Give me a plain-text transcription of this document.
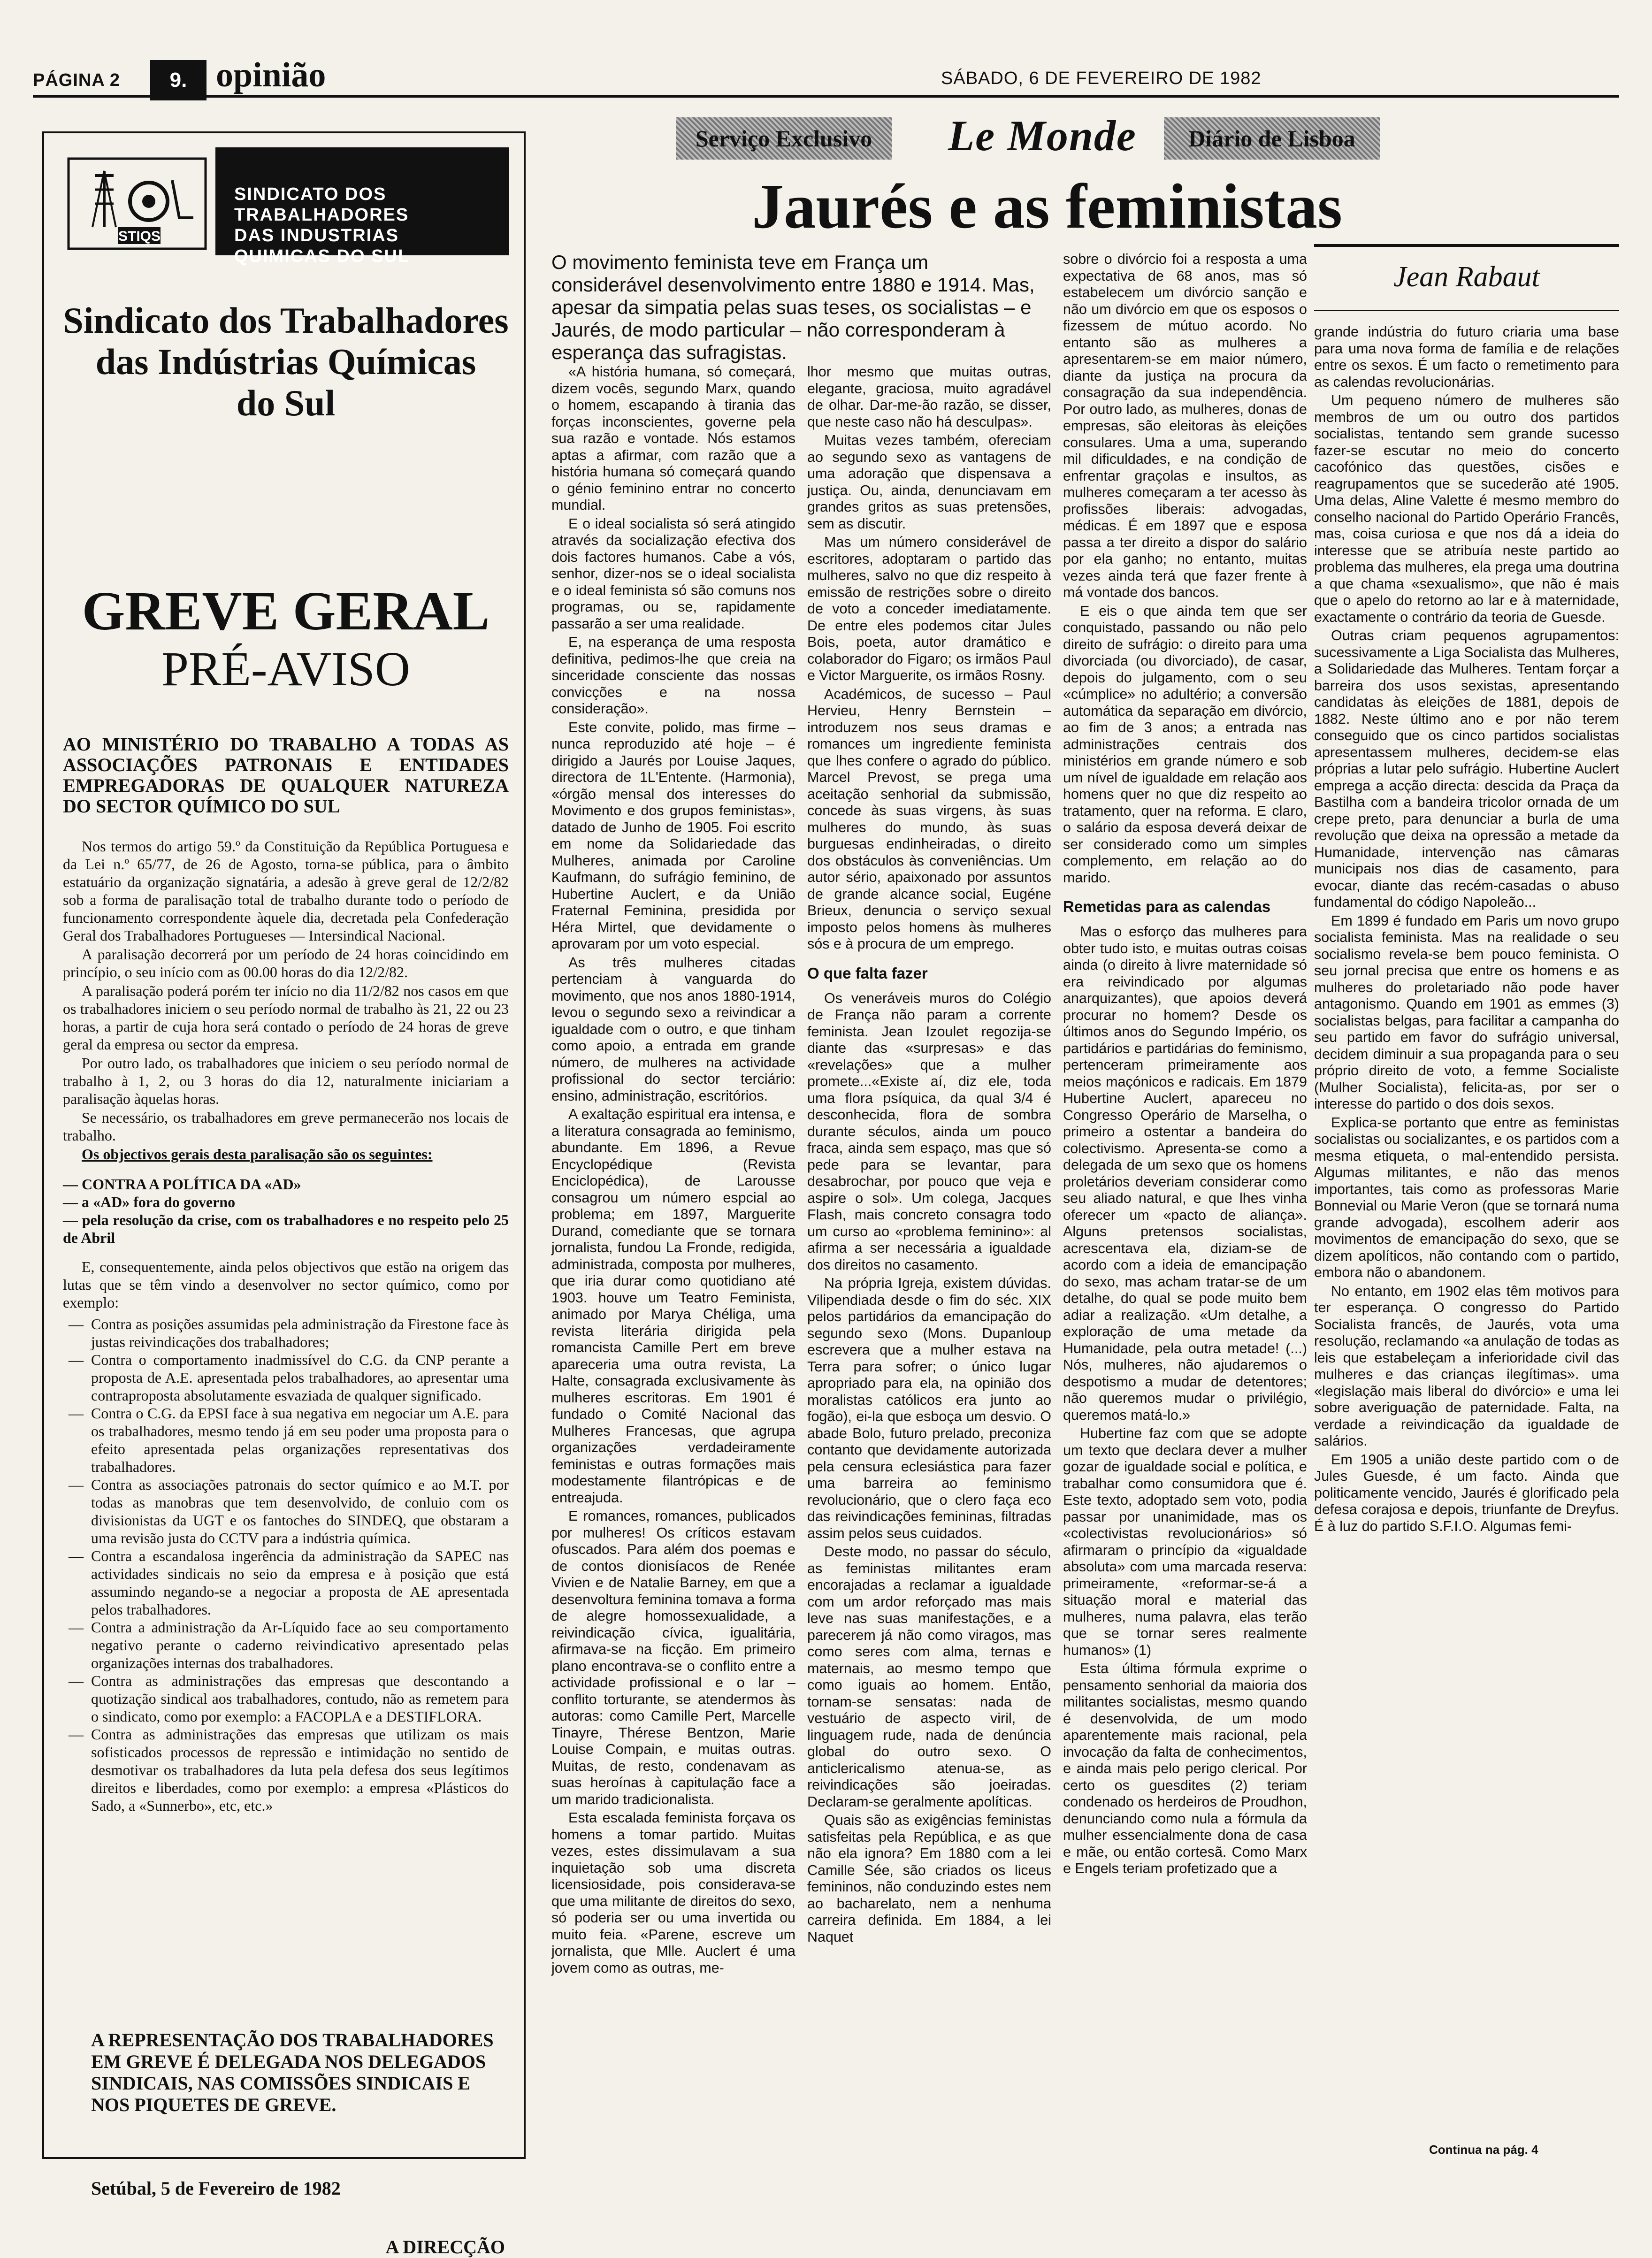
PÁGINA 2	9. opinião	SÁBADO, 6 DE FEVEREIRO DE 1982
STIQS
SINDICATO DOS TRABALHADORES
DAS INDUSTRIAS
QUIMICAS DO SUL
Sindicato dos Trabalhadores
das Indústrias Químicas
do Sul
GREVE GERAL
PRÉ-AVISO
AO MINISTÉRIO DO TRABALHO A TODAS AS ASSOCIAÇÕES PATRONAIS E ENTIDADES EMPREGADORAS DE QUALQUER NATUREZA DO SECTOR QUÍMICO DO SUL

Nos termos do artigo 59.º da Constituição da República Portuguesa e da Lei n.º 65/77, de 26 de Agosto, torna-se pública, para o âmbito estatuário da organização signatária, a adesão à greve geral de 12/2/82 sob a forma de paralisação total de trabalho durante todo o período de funcionamento correspondente àquele dia, decretada pela Confederação Geral dos Trabalhadores Portugueses — Intersindical Nacional.

A paralisação decorrerá por um período de 24 horas coincidindo em princípio, o seu início com as 00.00 horas do dia 12/2/82.

A paralisação poderá porém ter início no dia 11/2/82 nos casos em que os trabalhadores iniciem o seu período normal de trabalho às 21, 22 ou 23 horas, a partir de cuja hora será contado o período de 24 horas de greve geral da empresa ou sector da empresa.

Por outro lado, os trabalhadores que iniciem o seu período normal de trabalho à 1, 2, ou 3 horas do dia 12, naturalmente iniciariam a paralisação àquelas horas.

Se necessário, os trabalhadores em greve permanecerão nos locais de trabalho.

Os objectivos gerais desta paralisação são os seguintes:

— CONTRA A POLÍTICA DA «AD»
— a «AD» fora do governo
— pela resolução da crise, com os trabalhadores e no respeito pelo 25 de Abril

E, consequentemente, ainda pelos objectivos que estão na origem das lutas que se têm vindo a desenvolver no sector químico, como por exemplo:

— Contra as posições assumidas pela administração da Firestone face às justas reivindicações dos trabalhadores;
— Contra o comportamento inadmissível do C.G. da CNP perante a proposta de A.E. apresentada pelos trabalhadores, ao apresentar uma contraproposta absolutamente esvaziada de qualquer significado.
— Contra o C.G. da EPSI face à sua negativa em negociar um A.E. para os trabalhadores, mesmo tendo já em seu poder uma proposta para o efeito apresentada pelas organizações representativas dos trabalhadores.
— Contra as associações patronais do sector químico e ao M.T. por todas as manobras que tem desenvolvido, de conluio com os divisionistas da UGT e os fantoches do SINDEQ, que obstaram a uma revisão justa do CCTV para a indústria química.
— Contra a escandalosa ingerência da administração da SAPEC nas actividades sindicais no seio da empresa e à posição que está assumindo negando-se a negociar a proposta de AE apresentada pelos trabalhadores.
— Contra a administração da Ar-Líquido face ao seu comportamento negativo perante o caderno reivindicativo apresentado pelas organizações internas dos trabalhadores.
— Contra as administrações das empresas que descontando a quotização sindical aos trabalhadores, contudo, não as remetem para o sindicato, como por exemplo: a FACOPLA e a DESTIFLORA.
— Contra as administrações das empresas que utilizam os mais sofisticados processos de repressão e intimidação no sentido de desmotivar os trabalhadores da luta pela defesa dos seus legítimos direitos e liberdades, como por exemplo: a empresa «Plásticos do Sado, a «Sunnerbo», etc, etc.»
A REPRESENTAÇÃO DOS TRABALHADORES EM GREVE É DELEGADA NOS DELEGADOS SINDICAIS, NAS COMISSÕES SINDICAIS E NOS PIQUETES DE GREVE.
Setúbal, 5 de Fevereiro de 1982
A DIRECÇÃO
Serviço Exclusivo	Le Monde	Diário de Lisboa
Jaurés e as feministas
Jean Rabaut
O movimento feminista teve em França um considerável desenvolvimento entre 1880 e 1914. Mas, apesar da simpatia pelas suas teses, os socialistas – e Jaurés, de modo particular – não corresponderam à esperança das sufragistas.

«A história humana, só começará, dizem vocês, segundo Marx, quando o homem, escapando à tirania das forças inconscientes, governe pela sua razão e vontade. Nós estamos aptas a afirmar, com razão que a história humana só começará quando o génio feminino entrar no concerto mundial.

E o ideal socialista só será atingido através da socialização efectiva dos dois factores humanos. Cabe a vós, senhor, dizer-nos se o ideal socialista e o ideal feminista só são comuns nos programas, ou se, rapidamente passarão a ser uma realidade.

E, na esperança de uma resposta definitiva, pedimos-lhe que creia na sinceridade consciente das nossas convicções e na nossa consideração».

Este convite, polido, mas firme – nunca reproduzido até hoje – é dirigido a Jaurés por Louise Jaques, directora de 1L'Entente. (Harmonia), «órgão mensal dos interesses do Movimento e dos grupos feministas», datado de Junho de 1905. Foi escrito em nome da Solidariedade das Mulheres, animada por Caroline Kaufmann, do sufrágio feminino, de Hubertine Auclert, e da União Fraternal Feminina, presidida por Héra Mirtel, que devidamente o aprovaram por um voto especial.

As três mulheres citadas pertenciam à vanguarda do movimento, que nos anos 1880-1914, levou o segundo sexo a reivindicar a igualdade com o outro, e que tinham como apoio, a entrada em grande número, de mulheres na actividade profissional do sector terciário: ensino, administração, escritórios.

A exaltação espiritual era intensa, e a literatura consagrada ao feminismo, abundante. Em 1896, a Revue Encyclopédique (Revista Enciclopédica), de Larousse consagrou um número espcial ao problema; em 1897, Marguerite Durand, comediante que se tornara jornalista, fundou La Fronde, redigida, administrada, composta por mulheres, que iria durar como quotidiano até 1903. houve um Teatro Feminista, animado por Marya Chéliga, uma revista literária dirigida pela romancista Camille Pert em breve apareceria uma outra revista, La Halte, consagrada exclusivamente às mulheres escritoras. Em 1901 é fundado o Comité Nacional das Mulheres Francesas, que agrupa organizações verdadeiramente feministas e outras formações mais modestamente filantrópicas e de entreajuda.

E romances, romances, publicados por mulheres! Os críticos estavam ofuscados. Para além dos poemas e de contos dionisíacos de Renée Vivien e de Natalie Barney, em que a desenvoltura feminina tomava a forma de alegre homossexualidade, a reivindicação cívica, igualitária, afirmava-se na ficção. Em primeiro plano encontrava-se o conflito entre a actividade profissional e o lar – conflito torturante, se atendermos às autoras: como Camille Pert, Marcelle Tinayre, Thérese Bentzon, Marie Louise Compain, e muitas outras. Muitas, de resto, condenavam as suas heroínas à capitulação face a um marido tradicionalista.

Esta escalada feminista forçava os homens a tomar partido. Muitas vezes, estes dissimulavam a sua inquietação sob uma discreta licensiosidade, pois considerava-se que uma militante de direitos do sexo, só poderia ser ou uma invertida ou muito feia. «Parene, escreve um jornalista, que Mlle. Auclert é uma jovem como as outras, me-

lhor mesmo que muitas outras, elegante, graciosa, muito agradável de olhar. Dar-me-ão razão, se disser, que neste caso não há desculpas».

Muitas vezes também, ofereciam ao segundo sexo as vantagens de uma adoração que dispensava a justiça. Ou, ainda, denunciavam em grandes gritos as suas pretensões, sem as discutir.

Mas um número considerável de escritores, adoptaram o partido das mulheres, salvo no que diz respeito à emissão de restrições sobre o direito de voto a conceder imediatamente. De entre eles podemos citar Jules Bois, poeta, autor dramático e colaborador do Figaro; os irmãos Paul e Victor Marguerite, os irmãos Rosny.

Académicos, de sucesso – Paul Hervieu, Henry Bernstein – introduzem nos seus dramas e romances um ingrediente feminista que lhes confere o agrado do público. Marcel Prevost, se prega uma aceitação senhorial da submissão, concede às suas virgens, às suas mulheres do mundo, às suas burguesas endinheiradas, o direito dos obstáculos às conveniências. Um autor sério, apaixonado por assuntos de grande alcance social, Eugéne Brieux, denuncia o serviço sexual imposto pelos homens às mulheres sós e à procura de um emprego.

O que falta fazer

Os veneráveis muros do Colégio de França não param a corrente feminista. Jean Izoulet regozija-se diante das «surpresas» e das «revelações» que a mulher promete...«Existe aí, diz ele, toda uma flora psíquica, da qual 3/4 é desconhecida, flora de sombra durante séculos, ainda um pouco fraca, ainda sem espaço, mas que só pede para se levantar, para desabrochar, por pouco que veja e aspire o sol». Um colega, Jacques Flash, mais concreto consagra todo um curso ao «problema feminino»: al afirma a ser necessária a igualdade dos direitos no casamento.

Na própria Igreja, existem dúvidas. Vilipendiada desde o fim do séc. XIX pelos partidários da emancipação do segundo sexo (Mons. Dupanloup escrevera que a mulher estava na Terra para sofrer; o único lugar apropriado para ela, na opinião dos moralistas católicos era junto ao fogão), ei-la que esboça um desvio. O abade Bolo, futuro prelado, preconiza contanto que devidamente autorizada pela censura eclesiástica para fazer uma barreira ao feminismo revolucionário, que o clero faça eco das reivindicações femininas, filtradas assim pelos seus cuidados.

Deste modo, no passar do século, as feministas militantes eram encorajadas a reclamar a igualdade com um ardor reforçado mas mais leve nas suas manifestações, e a parecerem já não como viragos, mas como seres com alma, ternas e maternais, ao mesmo tempo que como iguais ao homem. Então, tornam-se sensatas: nada de vestuário de aspecto viril, de linguagem rude, nada de denúncia global do outro sexo. O anticlericalismo atenua-se, as reivindicações são joeiradas. Declaram-se geralmente apolíticas.

Quais são as exigências feministas satisfeitas pela República, e as que não ela ignora? Em 1880 com a lei Camille Sée, são criados os liceus femininos, não conduzindo estes nem ao bacharelato, nem a nenhuma carreira definida. Em 1884, a lei Naquet

sobre o divórcio foi a resposta a uma expectativa de 68 anos, mas só estabelecem um divórcio sanção e não um divórcio em que os esposos o fizessem de mútuo acordo. No entanto são as mulheres a apresentarem-se em maior número, diante da justiça na procura da consagração da sua independência. Por outro lado, as mulheres, donas de empresas, são eleitoras às eleições consulares. Uma a uma, superando mil dificuldades, e na condição de enfrentar graçolas e insultos, as mulheres começaram a ter acesso às profissões liberais: advogadas, médicas. É em 1897 que e esposa passa a ter direito a dispor do salário por ela ganho; no entanto, muitas vezes ainda terá que fazer frente à má vontade dos bancos.

E eis o que ainda tem que ser conquistado, passando ou não pelo direito de sufrágio: o direito para uma divorciada (ou divorciado), de casar, depois do julgamento, com o seu «cúmplice» no adultério; a conversão automática da separação em divórcio, ao fim de 3 anos; a entrada nas administrações centrais dos ministérios em grande número e sob um nível de igualdade em relação aos homens quer no que diz respeito ao tratamento, quer na reforma. E claro, o salário da esposa deverá deixar de ser considerado como um simples complemento, em relação ao do marido.

Remetidas para as calendas

Mas o esforço das mulheres para obter tudo isto, e muitas outras coisas ainda (o direito à livre maternidade só era reivindicado por algumas anarquizantes), que apoios deverá procurar no homem? Desde os últimos anos do Segundo Império, os partidários e partidárias do feminismo, pertenceram primeiramente aos meios maçónicos e radicais. Em 1879 Hubertine Auclert, apareceu no Congresso Operário de Marselha, o primeiro a ostentar a bandeira do colectivismo. Apresenta-se como a delegada de um sexo que os homens proletários deveriam considerar como seu aliado natural, e que lhes vinha oferecer um «pacto de aliança». Alguns pretensos socialistas, acrescentava ela, diziam-se de acordo com a ideia de emancipação do sexo, mas acham tratar-se de um detalhe, do qual se pode muito bem adiar a realização. «Um detalhe, a exploração de uma metade da Humanidade, pela outra metade! (...) Nós, mulheres, não ajudaremos o despotismo a mudar de detentores; não queremos mudar o privilégio, queremos matá-lo.»

Hubertine faz com que se adopte um texto que declara dever a mulher gozar de igualdade social e política, e trabalhar como consumidora que é. Este texto, adoptado sem voto, podia passar por unanimidade, mas os «colectivistas revolucionários» só afirmaram o princípio da «igualdade absoluta» com uma marcada reserva: primeiramente, «reformar-se-á a situação moral e material das mulheres, numa palavra, elas terão que se tornar seres realmente humanos» (1)

Esta última fórmula exprime o pensamento senhorial da maioria dos militantes socialistas, mesmo quando é desenvolvida, de um modo aparentemente mais racional, pela invocação da falta de conhecimentos, e ainda mais pelo perigo clerical. Por certo os guesdites (2) teriam condenado os herdeiros de Proudhon, denunciando como nula a fórmula da mulher essencialmente dona de casa e mãe, ou então cortesã. Como Marx e Engels teriam profetizado que a

grande indústria do futuro criaria uma base para uma nova forma de família e de relações entre os sexos. É um facto o remetimento para as calendas revolucionárias.

Um pequeno número de mulheres são membros de um ou outro dos partidos socialistas, tentando sem grande sucesso fazer-se escutar no meio do concerto cacofónico das questões, cisões e reagrupamentos que se sucederão até 1905. Uma delas, Aline Valette é mesmo membro do conselho nacional do Partido Operário Francês, mas, coisa curiosa e que nos dá a ideia do interesse que se atribuía neste partido ao problema das mulheres, ela prega uma doutrina a que chama «sexualismo», que não é mais que o apelo do retorno ao lar e à maternidade, exactamente o contrário da teoria de Guesde.

Outras criam pequenos agrupamentos: sucessivamente a Liga Socialista das Mulheres, a Solidariedade das Mulheres. Tentam forçar a barreira dos usos sexistas, apresentando candidatas às eleições de 1881, depois de 1882. Neste último ano e por não terem conseguido que os cinco partidos socialistas apresentassem mulheres, decidem-se elas próprias a lutar pelo sufrágio. Hubertine Auclert emprega a acção directa: descida da Praça da Bastilha com a bandeira tricolor ornada de um crepe preto, para denunciar a burla de uma revolução que deixa na opressão a metade da Humanidade, intervenção nas câmaras municipais nos dias de casamento, para evocar, diante das recém-casadas o abuso fundamental do código Napoleão...

Em 1899 é fundado em Paris um novo grupo socialista feminista. Mas na realidade o seu socialismo revela-se bem pouco feminista. O seu jornal precisa que entre os homens e as mulheres do proletariado não pode haver antagonismo. Quando em 1901 as emmes (3) socialistas belgas, para facilitar a campanha do seu partido em favor do sufrágio universal, decidem diminuir a sua propaganda para o seu próprio direito de voto, a femme Socialiste (Mulher Socialista), felicita-as, por ser o interesse do partido o dos dois sexos.

Explica-se portanto que entre as feministas socialistas ou socializantes, e os partidos com a mesma etiqueta, o mal-entendido persista. Algumas militantes, e não das menos importantes, tais como as professoras Marie Bonnevial ou Marie Veron (que se tornará numa grande advogada), escolhem aderir aos movimentos de emancipação do sexo, que se dizem apolíticos, não contando com o partido, embora não o abandonem.

No entanto, em 1902 elas têm motivos para ter esperança. O congresso do Partido Socialista francês, de Jaurés, vota uma resolução, reclamando «a anulação de todas as leis que estabeleçam a inferioridade civil das mulheres e das crianças ilegítimas». uma «legislação mais liberal do divórcio» e uma lei sobre averiguação de paternidade. Falta, na verdade a reivindicação da igualdade de salários.

Em 1905 a união deste partido com o de Jules Guesde, é um facto. Ainda que politicamente vencido, Jaurés é glorificado pela defesa corajosa e depois, triunfante de Dreyfus. É à luz do partido S.F.I.O. Algumas femi-

Continua na pág. 4
